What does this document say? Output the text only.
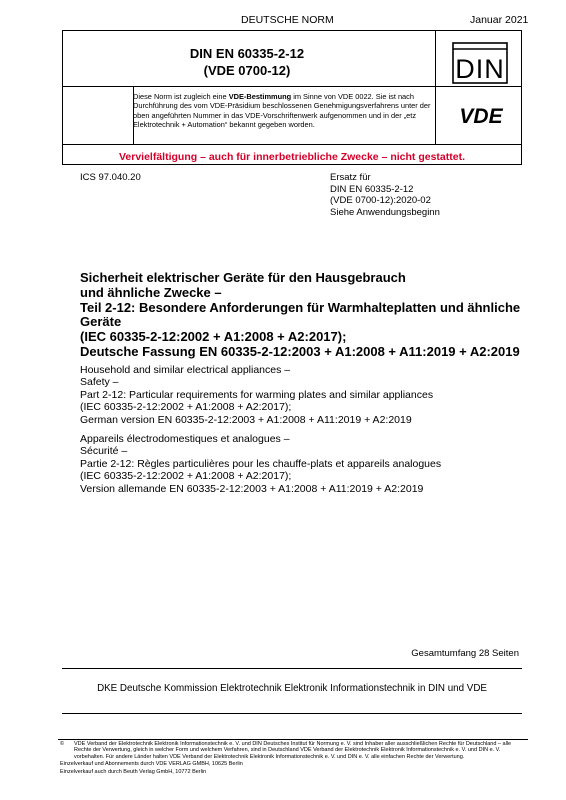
DEUTSCHE NORM	Januar 2021
DIN EN 60335-2-12
(VDE 0700-12)
Diese Norm ist zugleich eine VDE-Bestimmung im Sinne von VDE 0022. Sie ist nach Durchführung des vom VDE-Präsidium beschlossenen Genehmigungsverfahrens unter der oben angeführten Nummer in das VDE-Vorschriftenwerk aufgenommen und in der „etz Elektrotechnik + Automation“ bekannt gegeben worden.
DIN
VDE
Vervielfältigung – auch für innerbetriebliche Zwecke – nicht gestattet.
ICS 97.040.20	Ersatz für
DIN EN 60335-2-12
(VDE 0700-12):2020-02
Siehe Anwendungsbeginn
Sicherheit elektrischer Geräte für den Hausgebrauch
und ähnliche Zwecke –
Teil 2-12: Besondere Anforderungen für Warmhalteplatten und ähnliche
Geräte
(IEC 60335-2-12:2002 + A1:2008 + A2:2017);
Deutsche Fassung EN 60335-2-12:2003 + A1:2008 + A11:2019 + A2:2019
Household and similar electrical appliances –
Safety –
Part 2-12: Particular requirements for warming plates and similar appliances
(IEC 60335-2-12:2002 + A1:2008 + A2:2017);
German version EN 60335-2-12:2003 + A1:2008 + A11:2019 + A2:2019
Appareils électrodomestiques et analogues –
Sécurité –
Partie 2-12: Règles particulières pour les chauffe-plats et appareils analogues
(IEC 60335-2-12:2002 + A1:2008 + A2:2017);
Version allemande EN 60335-2-12:2003 + A1:2008 + A11:2019 + A2:2019
Gesamtumfang 28 Seiten
DKE Deutsche Kommission Elektrotechnik Elektronik Informationstechnik in DIN und VDE
©	VDE Verband der Elektrotechnik Elektronik Informationstechnik e. V. und DIN Deutsches Institut für Normung e. V. sind Inhaber aller ausschließlichen Rechte für Deutschland – alle Rechte der Verwertung, gleich in welcher Form und welchem Verfahren, sind in Deutschland VDE Verband der Elektrotechnik Elektronik Informationstechnik e. V. und DIN e. V. vorbehalten. Für andere Länder halten VDE Verband der Elektrotechnik Elektronik Informationstechnik e. V. und DIN e. V. alle einfachen Rechte der Verwertung.
Einzelverkauf und Abonnements durch VDE VERLAG GMBH, 10625 Berlin
Einzelverkauf auch durch Beuth Verlag GmbH, 10772 Berlin
